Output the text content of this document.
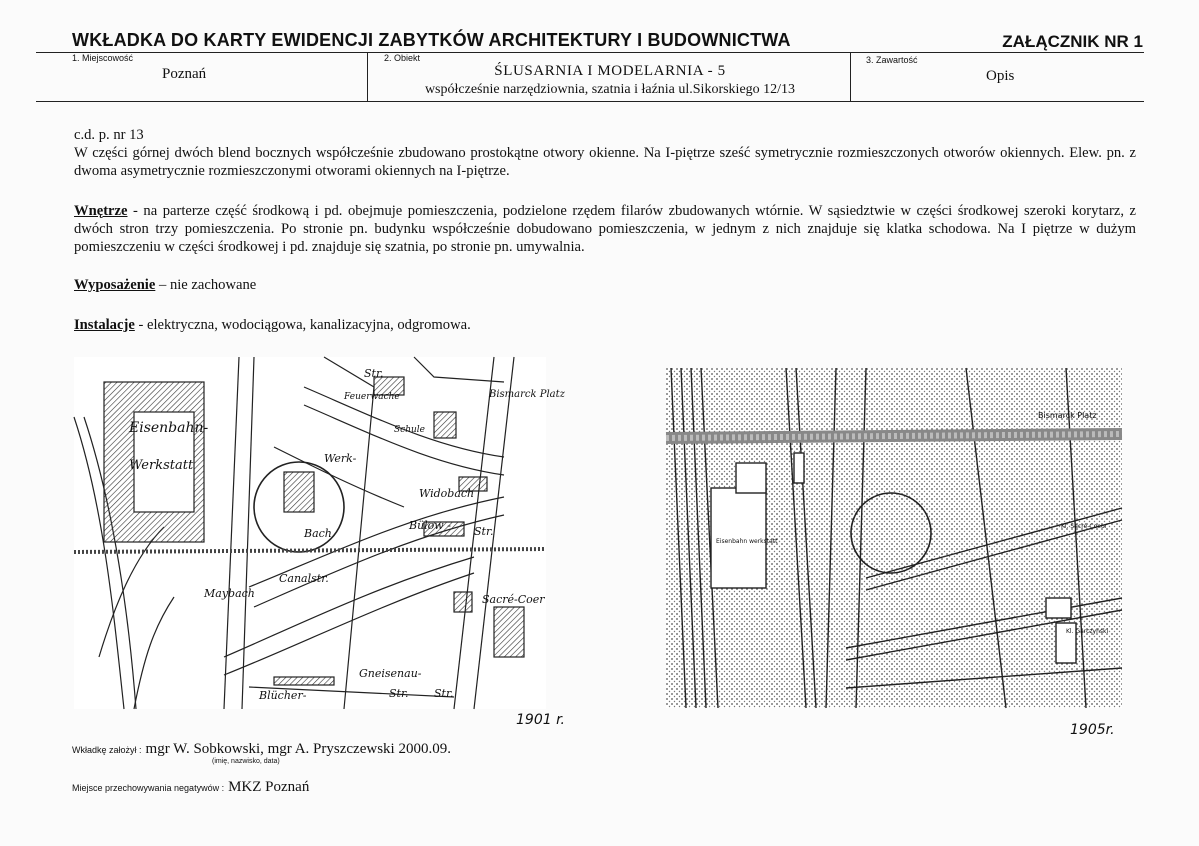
WKŁADKA DO KARTY EWIDENCJI ZABYTKÓW ARCHITEKTURY I BUDOWNICTWA	ZAŁĄCZNIK NR 1
1. Miejscowość
Poznań
2. Obiekt
ŚLUSARNIA I MODELARNIA - 5
współcześnie narzędziownia, szatnia i łaźnia ul.Sikorskiego 12/13
3. Zawartość
Opis

c.d. p. nr 13

W części górnej dwóch blend bocznych współcześnie zbudowano prostokątne otwory okienne. Na I-piętrze sześć symetrycznie rozmieszczonych otworów okiennych. Elew. pn. z dwoma asymetrycznie rozmieszczonymi otworami okiennych na I-piętrze.

Wnętrze - na parterze część środkową i pd. obejmuje pomieszczenia, podzielone rzędem filarów zbudowanych wtórnie. W sąsiedztwie w części środkowej szeroki korytarz, z dwóch stron trzy pomieszczenia. Po stronie pn. budynku współcześnie dobudowano pomieszczenia, w jednym z nich znajduje się klatka schodowa. Na I piętrze w dużym pomieszczeniu w części środkowej i pd. znajduje się szatnia, po stronie pn. umywalnia.

Wyposażenie – nie zachowane

Instalacje - elektryczna, wodociągowa, kanalizacyjna, odgromowa.

Eisenbahn-
Werkstatt
Str.
Feuerwache	Bismarck Platz
Schule
Werk-
Widobach
Bülow - Str.
Bach
Canalstr.
Maybach	Sacré-Coer
Gneisenau-
Str.
Blücher-	Str.
1901 r.
Bismarck Platz
Eisenbahn werkstatt
Kl. Sacré-Coeur
Kl. Garczyński
1905r.
Wkładkę założył : mgr W. Sobkowski, mgr A. Pryszczewski 2000.09.
(imię, nazwisko, data)
Miejsce przechowywania negatywów : MKZ Poznań
